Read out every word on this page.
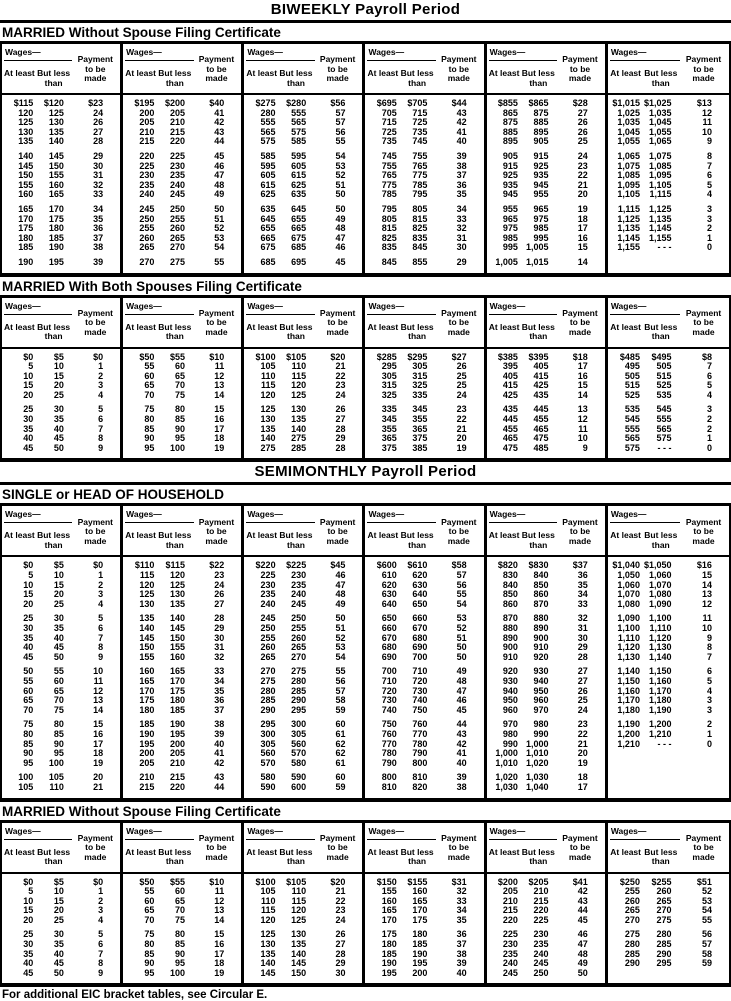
BIWEEKLY Payroll Period
MARRIED Without Spouse Filing Certificate
Wages—
Payment to be made
At least But less than
$115	$120	$23
120	125	24
125	130	26
130	135	27
135	140	28
140	145	29
145	150	30
150	155	31
155	160	32
160	165	33
165	170	34
170	175	35
175	180	36
180	185	37
185	190	38
190	195	39
Wages—
Payment to be made
At least But less than
$195	$200	$40
200	205	41
205	210	42
210	215	43
215	220	44
220	225	45
225	230	46
230	235	47
235	240	48
240	245	49
245	250	50
250	255	51
255	260	52
260	265	53
265	270	54
270	275	55
Wages—
Payment to be made
At least But less than
$275	$280	$56
280	555	57
555	565	57
565	575	56
575	585	55
585	595	54
595	605	53
605	615	52
615	625	51
625	635	50
635	645	50
645	655	49
655	665	48
665	675	47
675	685	46
685	695	45
Wages—
Payment to be made
At least But less than
$695	$705	$44
705	715	43
715	725	42
725	735	41
735	745	40
745	755	39
755	765	38
765	775	37
775	785	36
785	795	35
795	805	34
805	815	33
815	825	32
825	835	31
835	845	30
845	855	29
Wages—
Payment to be made
At least But less than
$855	$865	$28
865	875	27
875	885	26
885	895	26
895	905	25
905	915	24
915	925	23
925	935	22
935	945	21
945	955	20
955	965	19
965	975	18
975	985	17
985	995	16
995 1,005	15
1,005 1,015	14
Wages—
Payment to be made
At least But less than
$1,015 $1,025	$13
1,025	1,035	12
1,035	1,045	11
1,045	1,055	10
1,055	1,065	9
1,065	1,075	8
1,075	1,085	7
1,085	1,095	6
1,095	1,105	5
1,105	1,115	4
1,115	1,125	3
1,125	1,135	3
1,135	1,145	2
1,145	1,155	1
1,155	- - -	0
MARRIED With Both Spouses Filing Certificate
Wages—
Payment to be made
At least But less than
$0	$5	$0
5	10	1
10	15	2
15	20	3
20	25	4
25	30	5
30	35	6
35	40	7
40	45	8
45	50	9
Wages—
Payment to be made
At least But less than
$50	$55	$10
55	60	11
60	65	12
65	70	13
70	75	14
75	80	15
80	85	16
85	90	17
90	95	18
95	100	19
Wages—
Payment to be made
At least But less than
$100	$105	$20
105	110	21
110	115	22
115	120	23
120	125	24
125	130	26
130	135	27
135	140	28
140	275	29
275	285	28
Wages—
Payment to be made
At least But less than
$285	$295	$27
295	305	26
305	315	25
315	325	25
325	335	24
335	345	23
345	355	22
355	365	21
365	375	20
375	385	19
Wages—
Payment to be made
At least But less than
$385	$395	$18
395	405	17
405	415	16
415	425	15
425	435	14
435	445	13
445	455	12
455	465	11
465	475	10
475	485	9
Wages—
Payment to be made
At least But less than
$485	$495	$8
495	505	7
505	515	6
515	525	5
525	535	4
535	545	3
545	555	2
555	565	2
565	575	1
575	- - -	0
SEMIMONTHLY Payroll Period
SINGLE or HEAD OF HOUSEHOLD
Wages—
Payment to be made
At least But less than
$0	$5	$0
5	10	1
10	15	2
15	20	3
20	25	4
25	30	5
30	35	6
35	40	7
40	45	8
45	50	9
50	55	10
55	60	11
60	65	12
65	70	13
70	75	14
75	80	15
80	85	16
85	90	17
90	95	18
95	100	19
100	105	20
105	110	21
Wages—
Payment to be made
At least But less than
$110	$115	$22
115	120	23
120	125	24
125	130	26
130	135	27
135	140	28
140	145	29
145	150	30
150	155	31
155	160	32
160	165	33
165	170	34
170	175	35
175	180	36
180	185	37
185	190	38
190	195	39
195	200	40
200	205	41
205	210	42
210	215	43
215	220	44
Wages—
Payment to be made
At least But less than
$220	$225	$45
225	230	46
230	235	47
235	240	48
240	245	49
245	250	50
250	255	51
255	260	52
260	265	53
265	270	54
270	275	55
275	280	56
280	285	57
285	290	58
290	295	59
295	300	60
300	305	61
305	560	62
560	570	62
570	580	61
580	590	60
590	600	59
Wages—
Payment to be made
At least But less than
$600	$610	$58
610	620	57
620	630	56
630	640	55
640	650	54
650	660	53
660	670	52
670	680	51
680	690	50
690	700	50
700	710	49
710	720	48
720	730	47
730	740	46
740	750	45
750	760	44
760	770	43
770	780	42
780	790	41
790	800	40
800	810	39
810	820	38
Wages—
Payment to be made
At least But less than
$820	$830	$37
830	840	36
840	850	35
850	860	34
860	870	33
870	880	32
880	890	31
890	900	30
900	910	29
910	920	28
920	930	27
930	940	27
940	950	26
950	960	25
960	970	24
970	980	23
980	990	22
990 1,000	21
1,000 1,010	20
1,010 1,020	19
1,020 1,030	18
1,030 1,040	17
Wages—
Payment to be made
At least But less than
$1,040 $1,050	$16
1,050	1,060	15
1,060	1,070	14
1,070	1,080	13
1,080	1,090	12
1,090	1,100	11
1,100	1,110	10
1,110	1,120	9
1,120	1,130	8
1,130	1,140	7
1,140	1,150	6
1,150	1,160	5
1,160	1,170	4
1,170	1,180	3
1,180	1,190	3
1,190	1,200	2
1,200	1,210	1
1,210	- - -	0
MARRIED Without Spouse Filing Certificate
Wages—
Payment to be made
At least But less than
$0	$5	$0
5	10	1
10	15	2
15	20	3
20	25	4
25	30	5
30	35	6
35	40	7
40	45	8
45	50	9
Wages—
Payment to be made
At least But less than
$50	$55	$10
55	60	11
60	65	12
65	70	13
70	75	14
75	80	15
80	85	16
85	90	17
90	95	18
95	100	19
Wages—
Payment to be made
At least But less than
$100	$105	$20
105	110	21
110	115	22
115	120	23
120	125	24
125	130	26
130	135	27
135	140	28
140	145	29
145	150	30
Wages—
Payment to be made
At least But less than
$150	$155	$31
155	160	32
160	165	33
165	170	34
170	175	35
175	180	36
180	185	37
185	190	38
190	195	39
195	200	40
Wages—
Payment to be made
At least But less than
$200	$205	$41
205	210	42
210	215	43
215	220	44
220	225	45
225	230	46
230	235	47
235	240	48
240	245	49
245	250	50
Wages—
Payment to be made
At least But less than
$250	$255	$51
255	260	52
260	265	53
265	270	54
270	275	55
275	280	56
280	285	57
285	290	58
290	295	59
For additional EIC bracket tables, see Circular E.
